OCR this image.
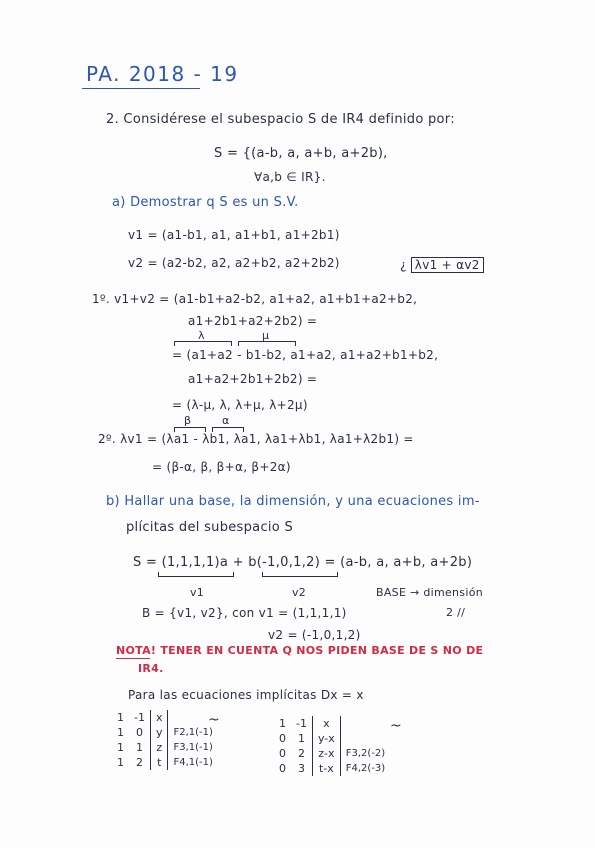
PA. 2018 - 19
2. Considérese el subespacio S de IR4 definido por:
S = {(a-b, a, a+b, a+2b),
∀a,b ∈ IR}.
a) Demostrar q S es un S.V.
v1 = (a1-b1, a1, a1+b1, a1+2b1)
v2 = (a2-b2, a2, a2+b2, a2+2b2)	¿ λv1 + αv2
1º. v1+v2 = (a1-b1+a2-b2, a1+a2, a1+b1+a2+b2,
a1+2b1+a2+2b2) =
λ	μ
= (a1+a2 - b1-b2, a1+a2, a1+a2+b1+b2,
a1+a2+2b1+2b2) =
= (λ-μ, λ, λ+μ, λ+2μ)
β	α
2º. λv1 = (λa1 - λb1, λa1, λa1+λb1, λa1+λ2b1) =
= (β-α, β, β+α, β+2α)
b) Hallar una base, la dimensión, y una ecuaciones im-
plícitas del subespacio S
S = (1,1,1,1)a + b(-1,0,1,2) = (a-b, a, a+b, a+2b)
v1	v2	BASE → dimensión
2 //
B = {v1, v2}, con v1 = (1,1,1,1)
v2 = (-1,0,1,2)
NOTA! TENER EN CUENTA Q NOS PIDEN BASE DE S NO DE
IR4.
Para las ecuaciones implícitas Dx = x
1	-1	x	
1	0	y	F2,1(-1)
1	1	z	F3,1(-1)
1	2	t	F4,1(-1)
~	1	-1	x	
0	1	y-x	
0	2	z-x	F3,2(-2)
0	3	t-x	F4,2(-3)
~
